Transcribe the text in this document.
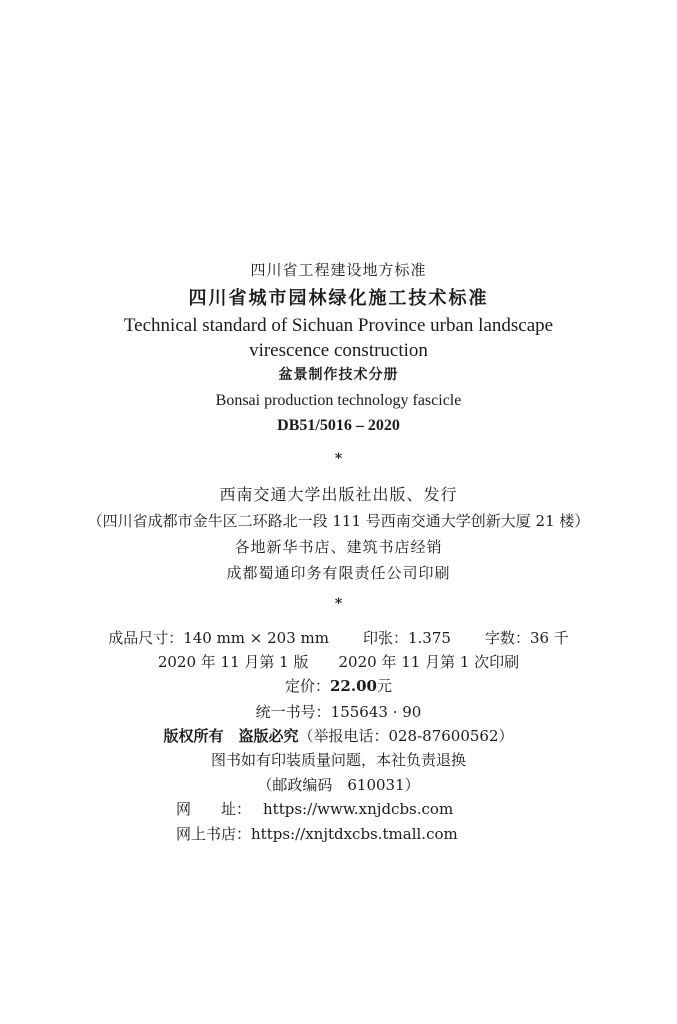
四川省工程建设地方标准
四川省城市园林绿化施工技术标准
Technical standard of Sichuan Province urban landscape
virescence construction
盆景制作技术分册
Bonsai production technology fascicle
DB51/5016 – 2020
*
西南交通大学出版社出版、发行
（四川省成都市金牛区二环路北一段 111 号西南交通大学创新大厦 21 楼）
各地新华书店、建筑书店经销
成都蜀通印务有限责任公司印刷
*
成品尺寸：140 mm × 203 mm 印张：1.375 字数：36 千
2020 年 11 月第 1 版 2020 年 11 月第 1 次印刷
定价：22.00元
统一书号：155643 · 90
版权所有　盗版必究（举报电话：028-87600562）
图书如有印装质量问题，本社负责退换
（邮政编码　610031）
网　　址： https://www.xnjdcbs.com
网上书店：https://xnjtdxcbs.tmall.com
